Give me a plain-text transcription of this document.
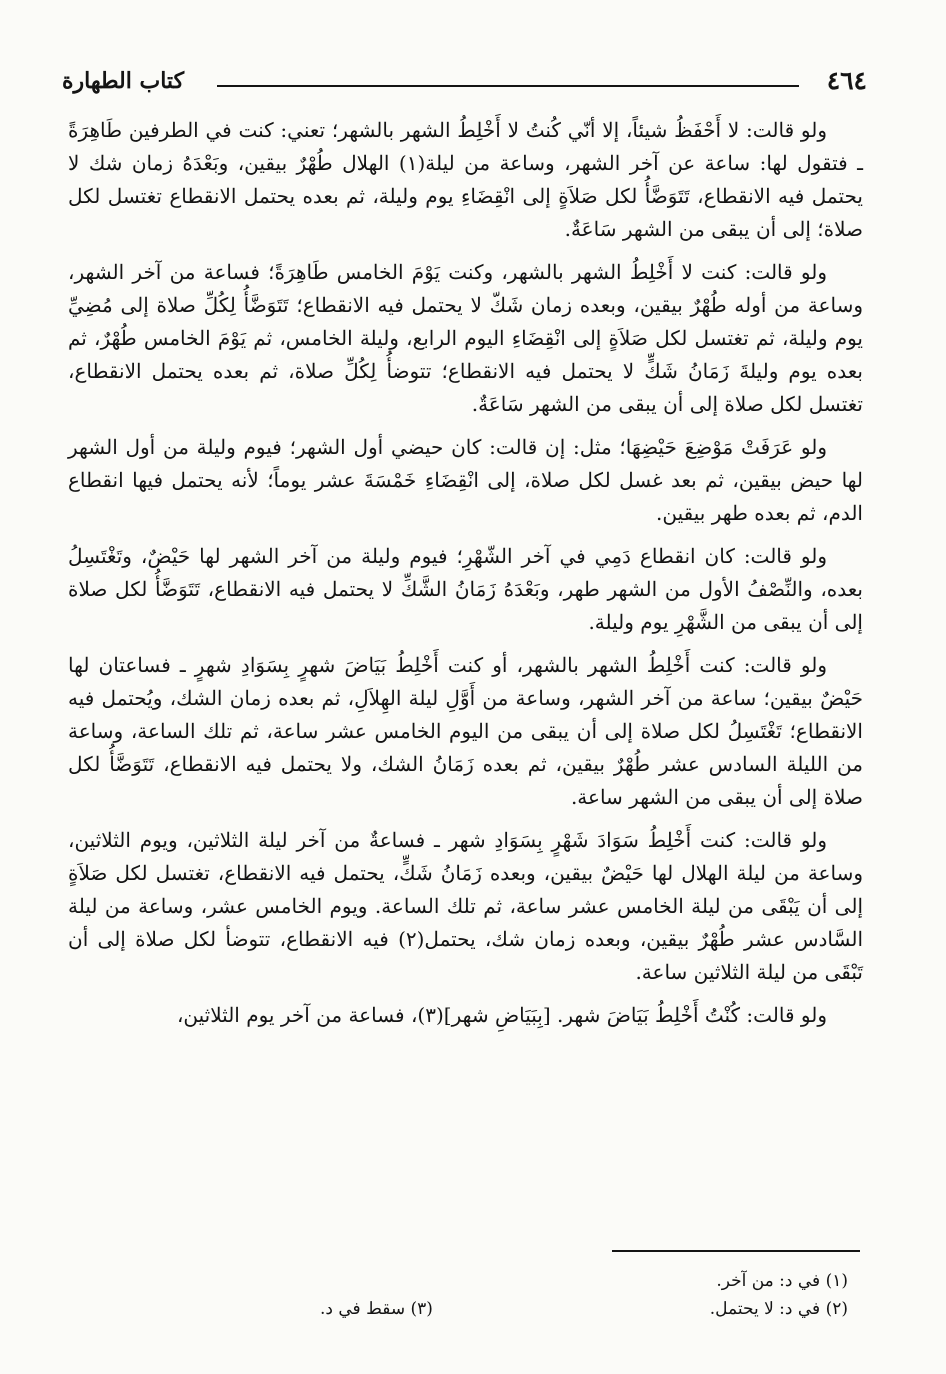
٤٦٤
كتاب الطهارة

ولو قالت: لا أَحْفَظُ شيئاً، إلا أنّي كُنتُ لا أَخْلِطُ الشهر بالشهر؛ تعني: كنت في الطرفين طَاهِرَةً ـ فتقول لها: ساعة عن آخر الشهر، وساعة من ليلة(١) الهلال طُهْرٌ بيقين، وبَعْدَهُ زمان شك لا يحتمل فيه الانقطاع، تَتَوَضَّأُ لكل صَلاَةٍ إلى انْقِضَاءِ يوم وليلة، ثم بعده يحتمل الانقطاع تغتسل لكل صلاة؛ إلى أن يبقى من الشهر سَاعَةٌ.

ولو قالت: كنت لا أَخْلِطُ الشهر بالشهر، وكنت يَوْمَ الخامس طَاهِرَةً؛ فساعة من آخر الشهر، وساعة من أوله طُهْرٌ بيقين، وبعده زمان شَكّ لا يحتمل فيه الانقطاع؛ تَتَوَضَّأُ لِكُلِّ صلاة إلى مُضِيِّ يوم وليلة، ثم تغتسل لكل صَلاَةٍ إلى انْقِضَاءِ اليوم الرابع، وليلة الخامس، ثم يَوْمَ الخامس طُهْرٌ، ثم بعده يوم وليلةَ زَمَانُ شَكٍّ لا يحتمل فيه الانقطاع؛ تتوضأُ لِكُلِّ صلاة، ثم بعده يحتمل الانقطاع، تغتسل لكل صلاة إلى أن يبقى من الشهر سَاعَةٌ.

ولو عَرَفَتْ مَوْضِعَ حَيْضِهَا؛ مثل: إن قالت: كان حيضي أول الشهر؛ فيوم وليلة من أول الشهر لها حيض بيقين، ثم بعد غسل لكل صلاة، إلى انْقِضَاءِ خَمْسَةَ عشر يوماً؛ لأنه يحتمل فيها انقطاع الدم، ثم بعده طهر بيقين.

ولو قالت: كان انقطاع دَمِي في آخر الشّهْرِ؛ فيوم وليلة من آخر الشهر لها حَيْضٌ، وتَغْتَسِلُ بعده، والنِّصْفُ الأول من الشهر طهر، وبَعْدَهُ زَمَانُ الشَّكِّ لا يحتمل فيه الانقطاع، تَتَوَضَّأُ لكل صلاة إلى أن يبقى من الشَّهْرِ يوم وليلة.

ولو قالت: كنت أَخْلِطُ الشهر بالشهر، أو كنت أَخْلِطُ بَيَاضَ شهرٍ بِسَوَادِ شهرٍ ـ فساعتان لها حَيْضٌ بيقين؛ ساعة من آخر الشهر، وساعة من أَوَّلِ ليلة الهِلاَلِ، ثم بعده زمان الشك، ويُحتمل فيه الانقطاع؛ تَغْتَسِلُ لكل صلاة إلى أن يبقى من اليوم الخامس عشر ساعة، ثم تلك الساعة، وساعة من الليلة السادس عشر طُهْرٌ بيقين، ثم بعده زَمَانُ الشك، ولا يحتمل فيه الانقطاع، تَتَوَضَّأُ لكل صلاة إلى أن يبقى من الشهر ساعة.

ولو قالت: كنت أَخْلِطُ سَوَادَ شَهْرٍ بِسَوَادِ شهر ـ فساعةٌ من آخر ليلة الثلاثين، ويوم الثلاثين، وساعة من ليلة الهلال لها حَيْضٌ بيقين، وبعده زَمَانُ شَكٍّ، يحتمل فيه الانقطاع، تغتسل لكل صَلاَةٍ إلى أن يَبْقَى من ليلة الخامس عشر ساعة، ثم تلك الساعة. ويوم الخامس عشر، وساعة من ليلة السَّادس عشر طُهْرٌ بيقين، وبعده زمان شك، يحتمل(٢) فيه الانقطاع، تتوضأ لكل صلاة إلى أن تَبْقَى من ليلة الثلاثين ساعة.

ولو قالت: كُنْتُ أَخْلِطُ بَيَاضَ شهر. [بِبَيَاضِ شهر](٣)، فساعة من آخر يوم الثلاثين،

(١) في د: من آخر.
(٢) في د: لا يحتمل.
(٣) سقط في د.
